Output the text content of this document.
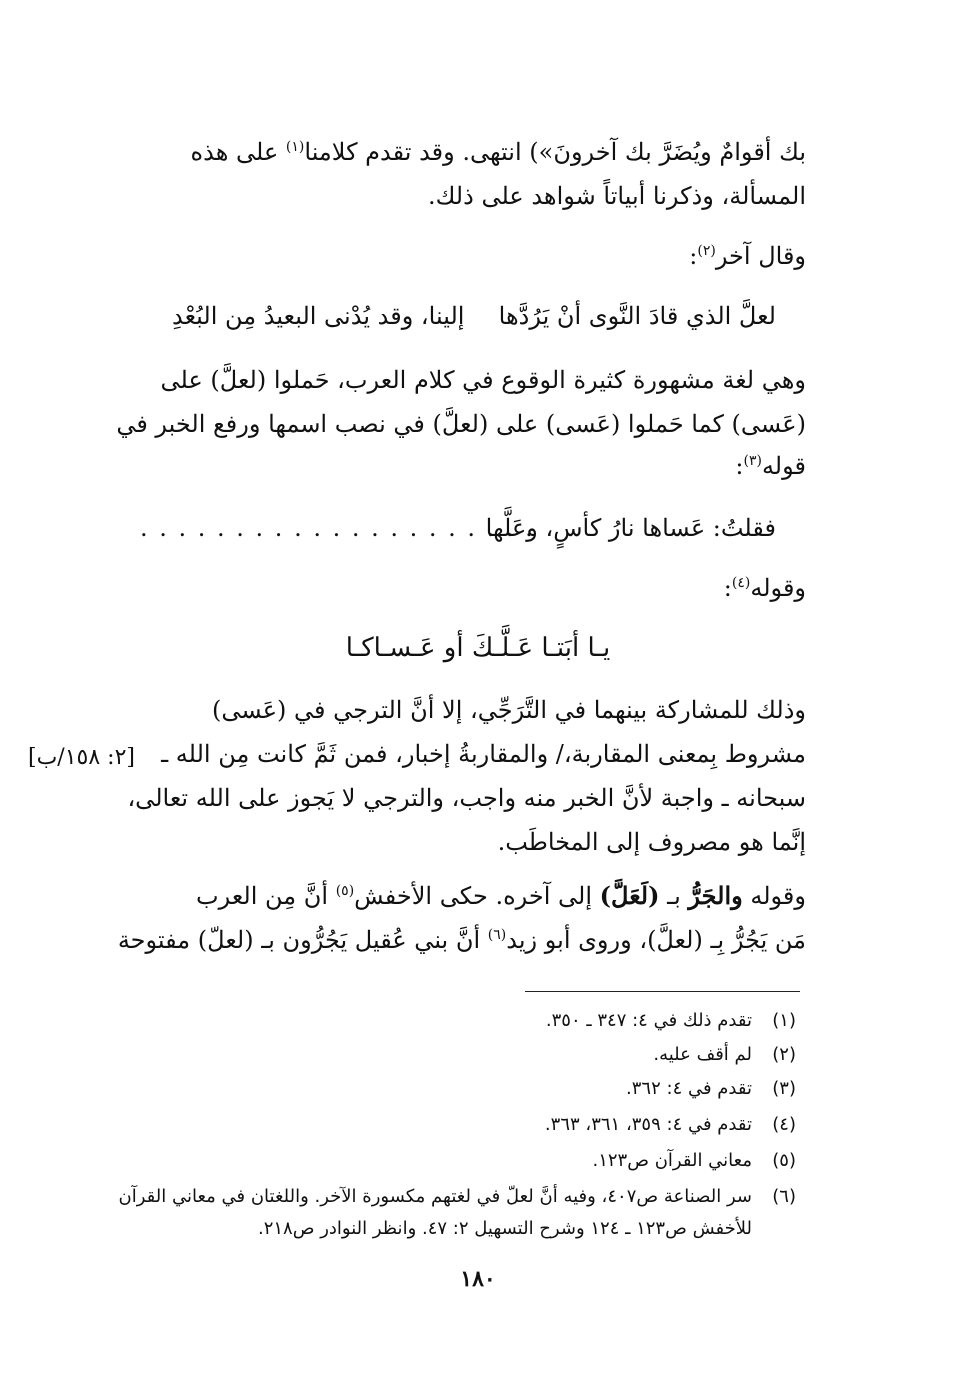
بك أقوامٌ ويُضَرَّ بك آخرونَ») انتهى. وقد تقدم كلامنا$^{(١)}$ على هذه
المسألة، وذكرنا أبياتاً شواهد على ذلك.
وقال آخر$^{(٢)}$:
لعلَّ الذي قادَ النَّوى أنْ يَرُدَّها
إلينا، وقد يُدْنى البعيدُ مِن البُعْدِ
وهي لغة مشهورة كثيرة الوقوع في كلام العرب، حَملوا (لعلَّ) على
(عَسى) كما حَملوا (عَسى) على (لعلَّ) في نصب اسمها ورفع الخبر في
قوله$^{(٣)}$:
فقلتُ: عَساها نارُ كأسٍ، وعَلَّها
. . . . . . . . . . . . . . . . . . . . .
وقوله$^{(٤)}$:
يـا أبَتـا عَـلَّـكَ أو عَـسـاكـا
وذلك للمشاركة بينهما في التَّرَجِّي، إلا أنَّ الترجي في (عَسى)
مشروط بِمعنى المقاربة،/ والمقاربةُ إخبار، فمن ثَمَّ كانت مِن الله ـ
سبحانه ـ واجبة لأنَّ الخبر منه واجب، والترجي لا يَجوز على الله تعالى،
إنَّما هو مصروف إلى المخاطَب.
[٢: ١٥٨/ب]
وقوله والجَرُّ بـ (لَعَلَّ) إلى آخره. حكى الأخفش$^{(٥)}$ أنَّ مِن العرب
مَن يَجُرُّ بِـ (لعلَّ)، وروى أبو زيد$^{(٦)}$ أنَّ بني عُقيل يَجُرُّون بـ (لعلّ) مفتوحة
(١)تقدم ذلك في ٤: ٣٤٧ ـ ٣٥٠.
(٢)لم أقف عليه.
(٣)تقدم في ٤: ٣٦٢.
(٤)تقدم في ٤: ٣٥٩، ٣٦١، ٣٦٣.
(٥)معاني القرآن ص١٢٣.
(٦)سر الصناعة ص٤٠٧، وفيه أنَّ لعلّ في لغتهم مكسورة الآخر. واللغتان في معاني القرآن
للأخفش ص١٢٣ ـ ١٢٤ وشرح التسهيل ٢: ٤٧. وانظر النوادر ص٢١٨.
١٨٠
